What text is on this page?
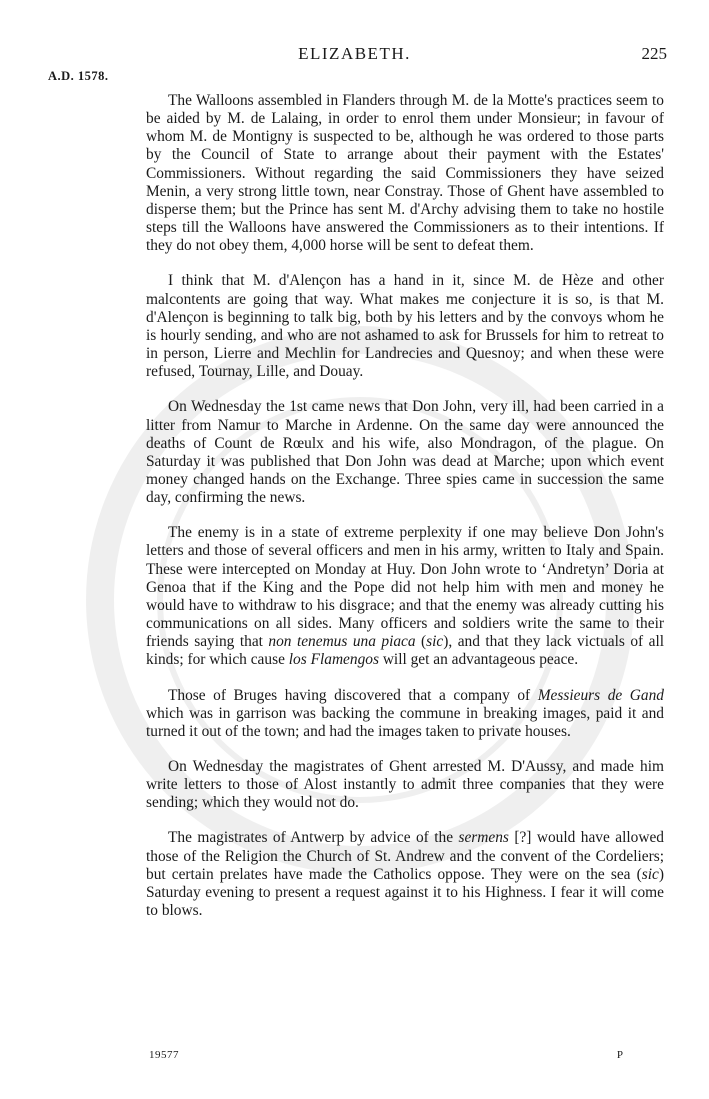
ELIZABETH.	225
A.D. 1578.

The Walloons assembled in Flanders through M. de la Motte's practices seem to be aided by M. de Lalaing, in order to enrol them under Monsieur; in favour of whom M. de Montigny is suspected to be, although he was ordered to those parts by the Council of State to arrange about their payment with the Estates' Commissioners. Without regarding the said Commissioners they have seized Menin, a very strong little town, near Constray. Those of Ghent have assembled to disperse them; but the Prince has sent M. d'Archy advising them to take no hostile steps till the Walloons have answered the Commissioners as to their intentions. If they do not obey them, 4,000 horse will be sent to defeat them.

I think that M. d'Alençon has a hand in it, since M. de Hèze and other malcontents are going that way. What makes me conjecture it is so, is that M. d'Alençon is beginning to talk big, both by his letters and by the convoys whom he is hourly sending, and who are not ashamed to ask for Brussels for him to retreat to in person, Lierre and Mechlin for Landrecies and Quesnoy; and when these were refused, Tournay, Lille, and Douay.

On Wednesday the 1st came news that Don John, very ill, had been carried in a litter from Namur to Marche in Ardenne. On the same day were announced the deaths of Count de Rœulx and his wife, also Mondragon, of the plague. On Saturday it was published that Don John was dead at Marche; upon which event money changed hands on the Exchange. Three spies came in succession the same day, confirming the news.

The enemy is in a state of extreme perplexity if one may believe Don John's letters and those of several officers and men in his army, written to Italy and Spain. These were intercepted on Monday at Huy. Don John wrote to ‘Andretyn’ Doria at Genoa that if the King and the Pope did not help him with men and money he would have to withdraw to his disgrace; and that the enemy was already cutting his communications on all sides. Many officers and soldiers write the same to their friends saying that non tenemus una piaca (sic), and that they lack victuals of all kinds; for which cause los Flamengos will get an advantageous peace.

Those of Bruges having discovered that a company of Messieurs de Gand which was in garrison was backing the commune in breaking images, paid it and turned it out of the town; and had the images taken to private houses.

On Wednesday the magistrates of Ghent arrested M. D'Aussy, and made him write letters to those of Alost instantly to admit three companies that they were sending; which they would not do.

The magistrates of Antwerp by advice of the sermens [?] would have allowed those of the Religion the Church of St. Andrew and the convent of the Cordeliers; but certain prelates have made the Catholics oppose. They were on the sea (sic) Saturday evening to present a request against it to his Highness. I fear it will come to blows.

19577	P
